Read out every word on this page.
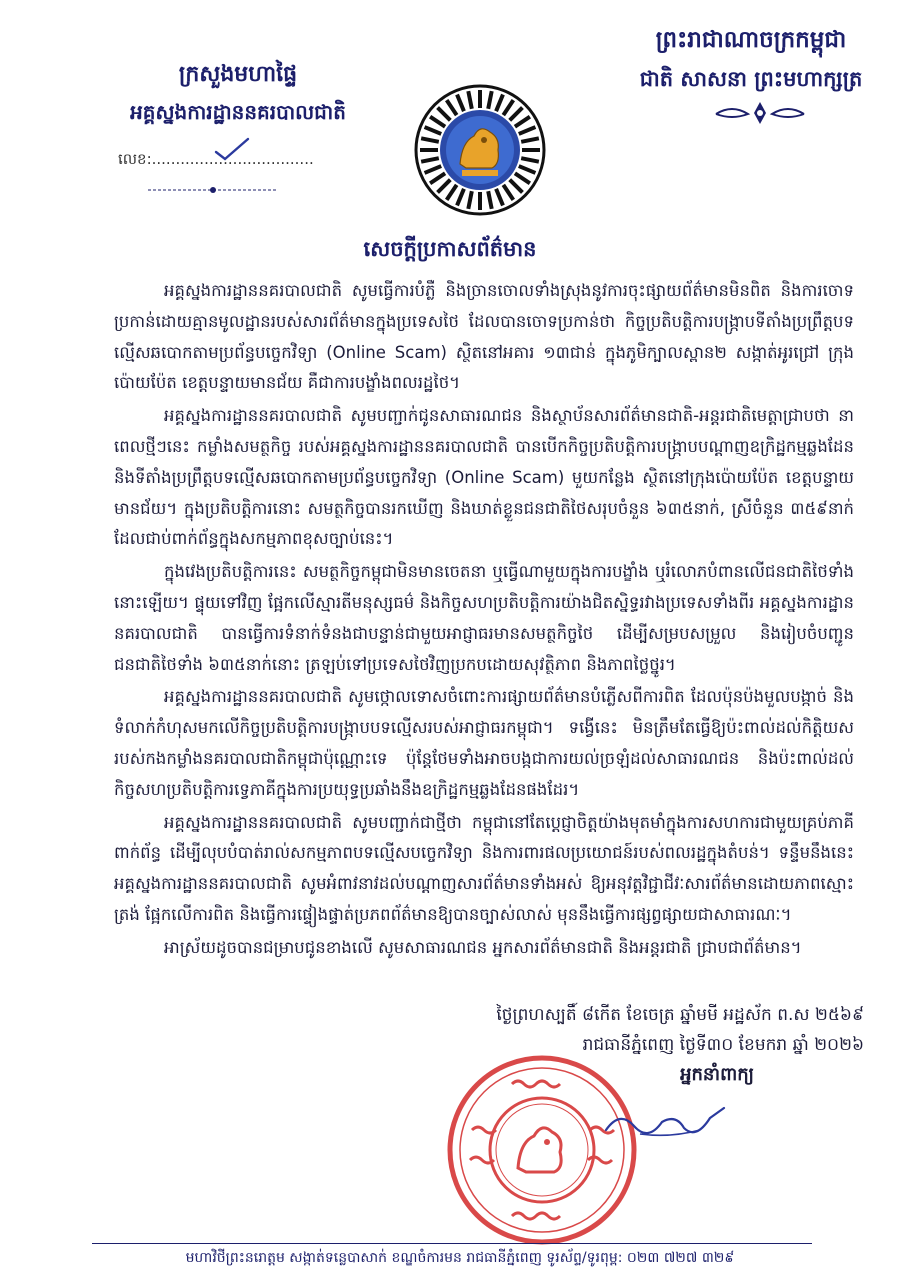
ក្រសួងមហាផ្ទៃ
អគ្គស្នងការដ្ឋាននគរបាលជាតិ
លេខ:..................................
ព្រះរាជាណាចក្រកម្ពុជា
ជាតិ សាសនា ព្រះមហាក្សត្រ
សេចក្ដីប្រកាសព័ត៌មាន

អគ្គស្នងការដ្ឋាននគរបាលជាតិ សូមធ្វើការបំភ្លឺ និងច្រានចោលទាំងស្រុងនូវការចុះផ្សាយព័ត៌មានមិនពិត និងការចោទប្រកាន់ដោយគ្មានមូលដ្ឋានរបស់សារព័ត៌មានក្នុងប្រទេសថៃ ដែលបានចោទប្រកាន់ថា កិច្ចប្រតិបត្តិការបង្ក្រាបទីតាំងប្រព្រឹត្តបទល្មើសឆបោកតាមប្រព័ន្ធបច្ចេកវិទ្យា (Online Scam) ស្ថិតនៅអគារ ១៣ជាន់ ក្នុងភូមិក្បាលស្ពាន២ សង្កាត់អូរជ្រៅ ក្រុងប៉ោយប៉ែត ខេត្តបន្ទាយមានជ័យ គឺជាការបង្ខាំងពលរដ្ឋថៃ។

អគ្គស្នងការដ្ឋាននគរបាលជាតិ សូមបញ្ជាក់ជូនសាធារណជន និងស្ថាប័នសារព័ត៌មានជាតិ-អន្តរជាតិមេត្តាជ្រាបថា នាពេលថ្មីៗនេះ កម្លាំងសមត្ថកិច្ច របស់អគ្គស្នងការដ្ឋាននគរបាលជាតិ បានបើកកិច្ចប្រតិបត្តិការបង្ក្រាបបណ្ដាញឧក្រិដ្ឋកម្មឆ្លងដែន និងទីតាំងប្រព្រឹត្តបទល្មើសឆបោកតាមប្រព័ន្ធបច្ចេកវិទ្យា (Online Scam) មួយកន្លែង ស្ថិតនៅក្រុងប៉ោយប៉ែត ខេត្តបន្ទាយមានជ័យ។ ក្នុងប្រតិបត្តិការនោះ សមត្ថកិច្ចបានរកឃើញ និងឃាត់ខ្លួនជនជាតិថៃសរុបចំនួន ៦៣៥នាក់, ស្រីចំនួន ៣៥៩នាក់ ដែលជាប់ពាក់ព័ន្ធក្នុងសកម្មភាពខុសច្បាប់នេះ។

ក្នុងវេងប្រតិបត្តិការនេះ សមត្ថកិច្ចកម្ពុជាមិនមានចេតនា ឬធ្វើណាមួយក្នុងការបង្ខាំង ឬរំលោភបំពានលើជនជាតិថៃទាំងនោះឡើយ។ ផ្ទុយទៅវិញ ផ្អែកលើស្មារតីមនុស្សធម៌ និងកិច្ចសហប្រតិបត្តិការយ៉ាងជិតស្និទ្ធរវាងប្រទេសទាំងពីរ អគ្គស្នងការដ្ឋាននគរបាលជាតិ បានធ្វើការទំនាក់ទំនងជាបន្ទាន់ជាមួយអាជ្ញាធរមានសមត្ថកិច្ចថៃ ដើម្បីសម្របសម្រួល និងរៀបចំបញ្ជូនជនជាតិថៃទាំង ៦៣៥នាក់នោះ ត្រឡប់ទៅប្រទេសថៃវិញប្រកបដោយសុវត្ថិភាព និងភាពថ្លៃថ្នូរ។

អគ្គស្នងការដ្ឋាននគរបាលជាតិ សូមថ្កោលទោសចំពោះការផ្សាយព័ត៌មានបំភ្លើសពីការពិត ដែលប៉ុនប៉ងមួលបង្កាច់ និងទំលាក់កំហុសមកលើកិច្ចប្រតិបត្តិការបង្ក្រាបបទល្មើសរបស់អាជ្ញាធរកម្ពុជា។ ទង្វើនេះ មិនត្រឹមតែធ្វើឱ្យប៉ះពាល់ដល់កិត្តិយសរបស់កងកម្លាំងនគរបាលជាតិកម្ពុជាប៉ុណ្ណោះទេ ប៉ុន្តែថែមទាំងអាចបង្កជាការយល់ច្រឡំដល់សាធារណជន និងប៉ះពាល់ដល់កិច្ចសហប្រតិបត្តិការទ្វេភាគីក្នុងការប្រយុទ្ធប្រឆាំងនឹងឧក្រិដ្ឋកម្មឆ្លងដែនផងដែរ។

អគ្គស្នងការដ្ឋាននគរបាលជាតិ សូមបញ្ជាក់ជាថ្មីថា កម្ពុជានៅតែប្ដេជ្ញាចិត្តយ៉ាងមុតមាំក្នុងការសហការជាមួយគ្រប់ភាគីពាក់ព័ន្ធ ដើម្បីលុបបំបាត់រាល់សកម្មភាពបទល្មើសបច្ចេកវិទ្យា និងការពារផលប្រយោជន៍របស់ពលរដ្ឋក្នុងតំបន់។ ទន្ទឹមនឹងនេះ អគ្គស្នងការដ្ឋាននគរបាលជាតិ សូមអំពាវនាវដល់បណ្ដាញសារព័ត៌មានទាំងអស់ ឱ្យអនុវត្តវិជ្ជាជីវៈសារព័ត៌មានដោយភាពស្មោះត្រង់ ផ្អែកលើការពិត និងធ្វើការផ្ទៀងផ្ទាត់ប្រភពព័ត៌មានឱ្យបានច្បាស់លាស់ មុននឹងធ្វើការផ្សព្វផ្សាយជាសាធារណៈ។

អាស្រ័យដូចបានជម្រាបជូនខាងលើ សូមសាធារណជន អ្នកសារព័ត៌មានជាតិ និងអន្តរជាតិ ជ្រាបជាព័ត៌មាន។

ថ្ងៃព្រហស្បតិ៍ ៨កើត ខែចេត្រ ឆ្នាំមមី អដ្ឋស័ក ព.ស ២៥៦៩
រាជធានីភ្នំពេញ ថ្ងៃទី៣០ ខែមករា ឆ្នាំ ២០២៦
អ្នកនាំពាក្យ
មហាវិថីព្រះនរោត្តម សង្កាត់ទន្លេបាសាក់ ខណ្ឌចំការមន រាជធានីភ្នំពេញ ទូរស័ព្ទ/ទូរពុម្ព: ០២៣ ៧២៧ ៣២៩
